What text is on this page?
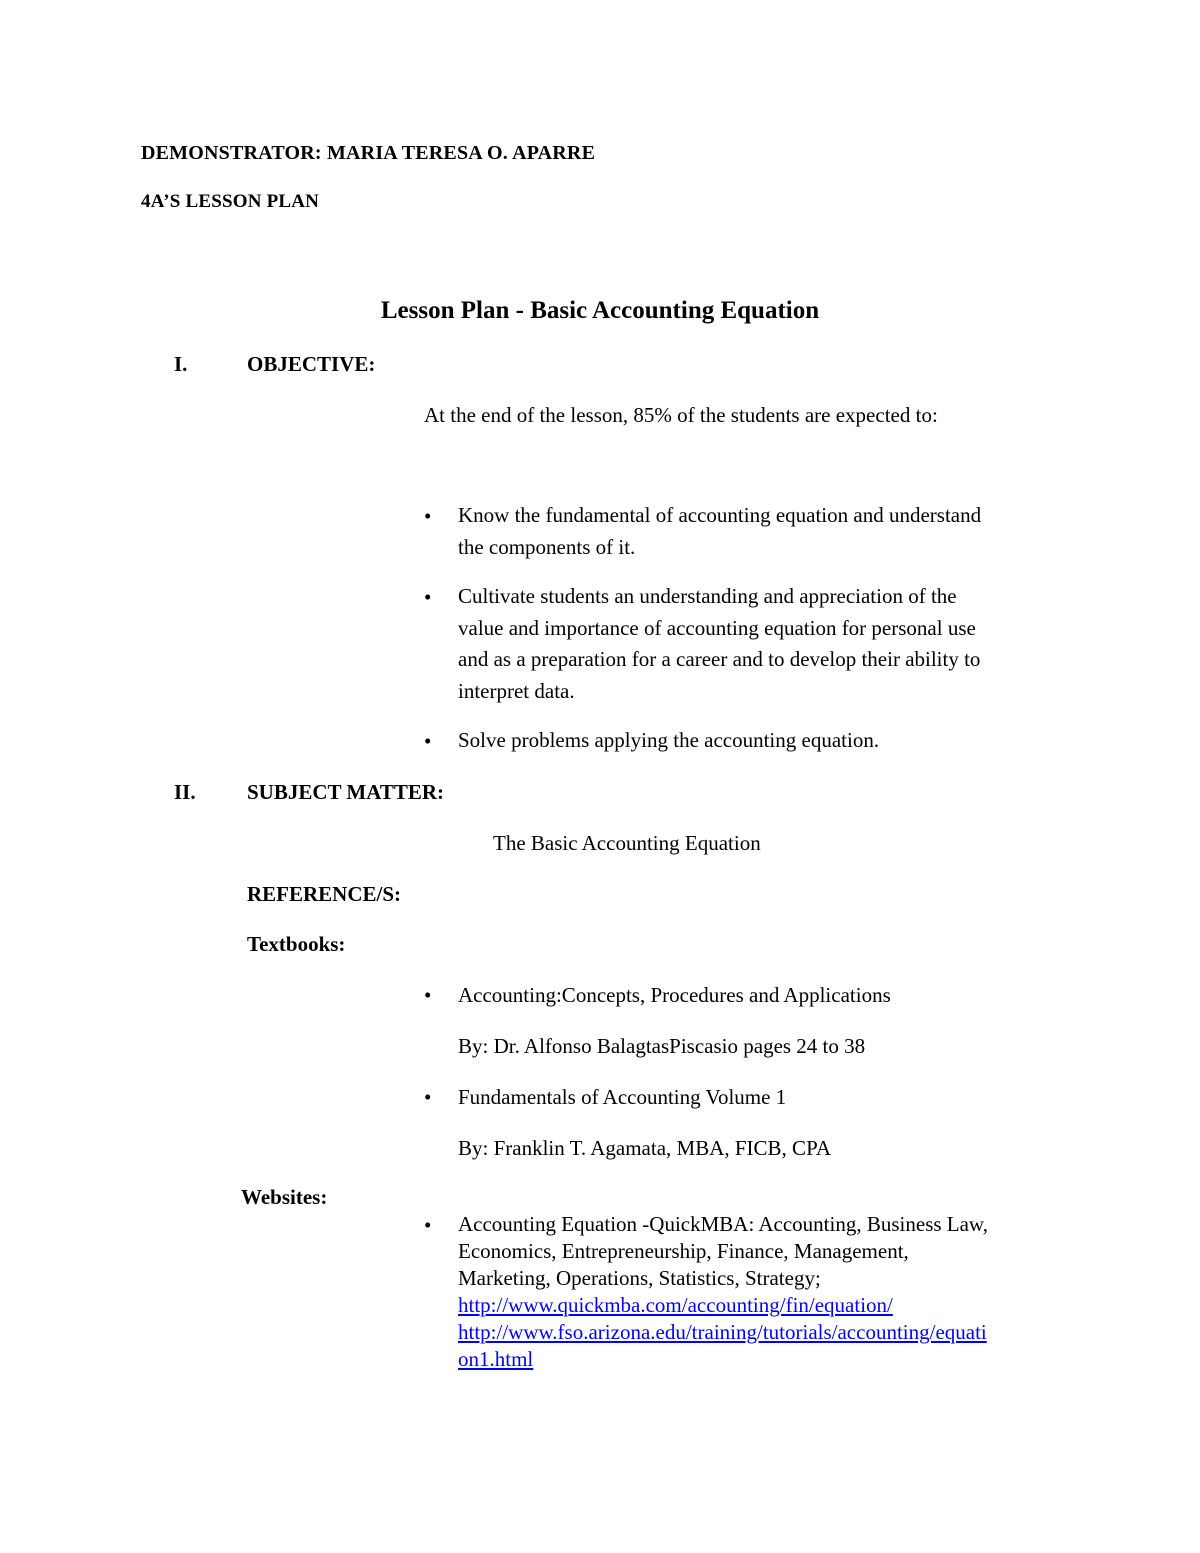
DEMONSTRATOR: MARIA TERESA O. APARRE
4A’S LESSON PLAN
Lesson Plan - Basic Accounting Equation
I.	OBJECTIVE:
At the end of the lesson, 85% of the students are expected to:
• Know the fundamental of accounting equation and understand
the components of it.
• Cultivate students an understanding and appreciation of the
value and importance of accounting equation for personal use
and as a preparation for a career and to develop their ability to
interpret data.
• Solve problems applying the accounting equation.
II. SUBJECT MATTER:
The Basic Accounting Equation
REFERENCE/S:
Textbooks:
• Accounting:Concepts, Procedures and Applications
By: Dr. Alfonso BalagtasPiscasio pages 24 to 38
• Fundamentals of Accounting Volume 1
By: Franklin T. Agamata, MBA, FICB, CPA
Websites:
• Accounting Equation -QuickMBA: Accounting, Business Law,
Economics, Entrepreneurship, Finance, Management,
Marketing, Operations, Statistics, Strategy;
http://www.quickmba.com/accounting/fin/equation/
http://www.fso.arizona.edu/training/tutorials/accounting/equati
on1.html
